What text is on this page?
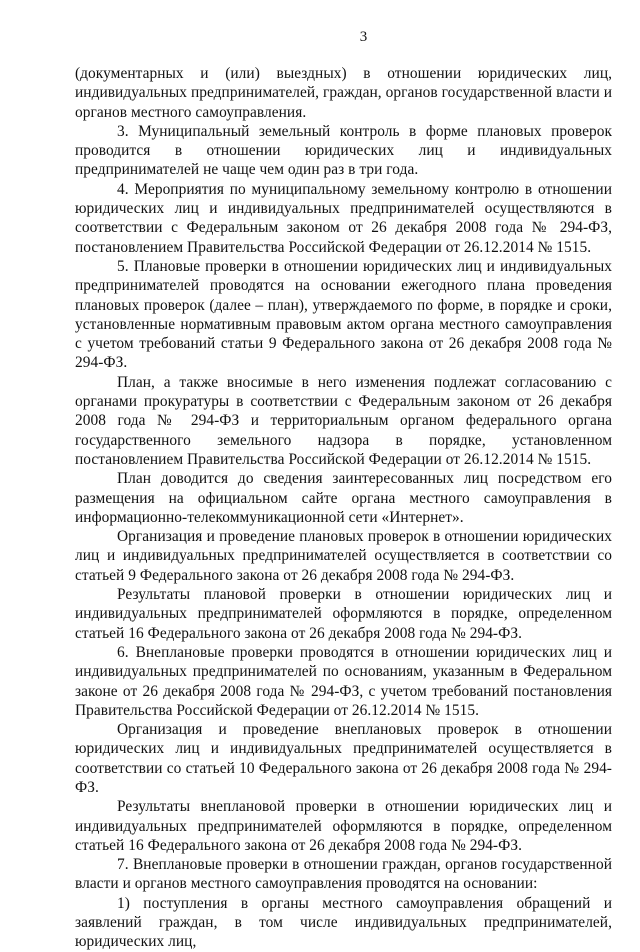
3

(документарных и (или) выездных) в отношении юридических лиц, индивидуальных предпринимателей, граждан, органов государственной власти и органов местного самоуправления.

3. Муниципальный земельный контроль в форме плановых проверок проводится в отношении юридических лиц и индивидуальных предпринимателей не чаще чем один раз в три года.

4. Мероприятия по муниципальному земельному контролю в отношении юридических лиц и индивидуальных предпринимателей осуществляются в соответствии с Федеральным законом от 26 декабря 2008 года № 294-ФЗ, постановлением Правительства Российской Федерации от 26.12.2014 № 1515.

5. Плановые проверки в отношении юридических лиц и индивидуальных предпринимателей проводятся на основании ежегодного плана проведения плановых проверок (далее – план), утверждаемого по форме, в порядке и сроки, установленные нормативным правовым актом органа местного самоуправления с учетом требований статьи 9 Федерального закона от 26 декабря 2008 года № 294-ФЗ.

План, а также вносимые в него изменения подлежат согласованию с органами прокуратуры в соответствии с Федеральным законом от 26 декабря 2008 года № 294-ФЗ и территориальным органом федерального органа государственного земельного надзора в порядке, установленном постановлением Правительства Российской Федерации от 26.12.2014 № 1515.

План доводится до сведения заинтересованных лиц посредством его размещения на официальном сайте органа местного самоуправления в информационно-телекоммуникационной сети «Интернет».

Организация и проведение плановых проверок в отношении юридических лиц и индивидуальных предпринимателей осуществляется в соответствии со статьей 9 Федерального закона от 26 декабря 2008 года № 294-ФЗ.

Результаты плановой проверки в отношении юридических лиц и индивидуальных предпринимателей оформляются в порядке, определенном статьей 16 Федерального закона от 26 декабря 2008 года № 294-ФЗ.

6. Внеплановые проверки проводятся в отношении юридических лиц и индивидуальных предпринимателей по основаниям, указанным в Федеральном законе от 26 декабря 2008 года № 294-ФЗ, с учетом требований постановления Правительства Российской Федерации от 26.12.2014 № 1515.

Организация и проведение внеплановых проверок в отношении юридических лиц и индивидуальных предпринимателей осуществляется в соответствии со статьей 10 Федерального закона от 26 декабря 2008 года № 294-ФЗ.

Результаты внеплановой проверки в отношении юридических лиц и индивидуальных предпринимателей оформляются в порядке, определенном статьей 16 Федерального закона от 26 декабря 2008 года № 294-ФЗ.

7. Внеплановые проверки в отношении граждан, органов государственной власти и органов местного самоуправления проводятся на основании:

1) поступления в органы местного самоуправления обращений и заявлений граждан, в том числе индивидуальных предпринимателей, юридических лиц,
